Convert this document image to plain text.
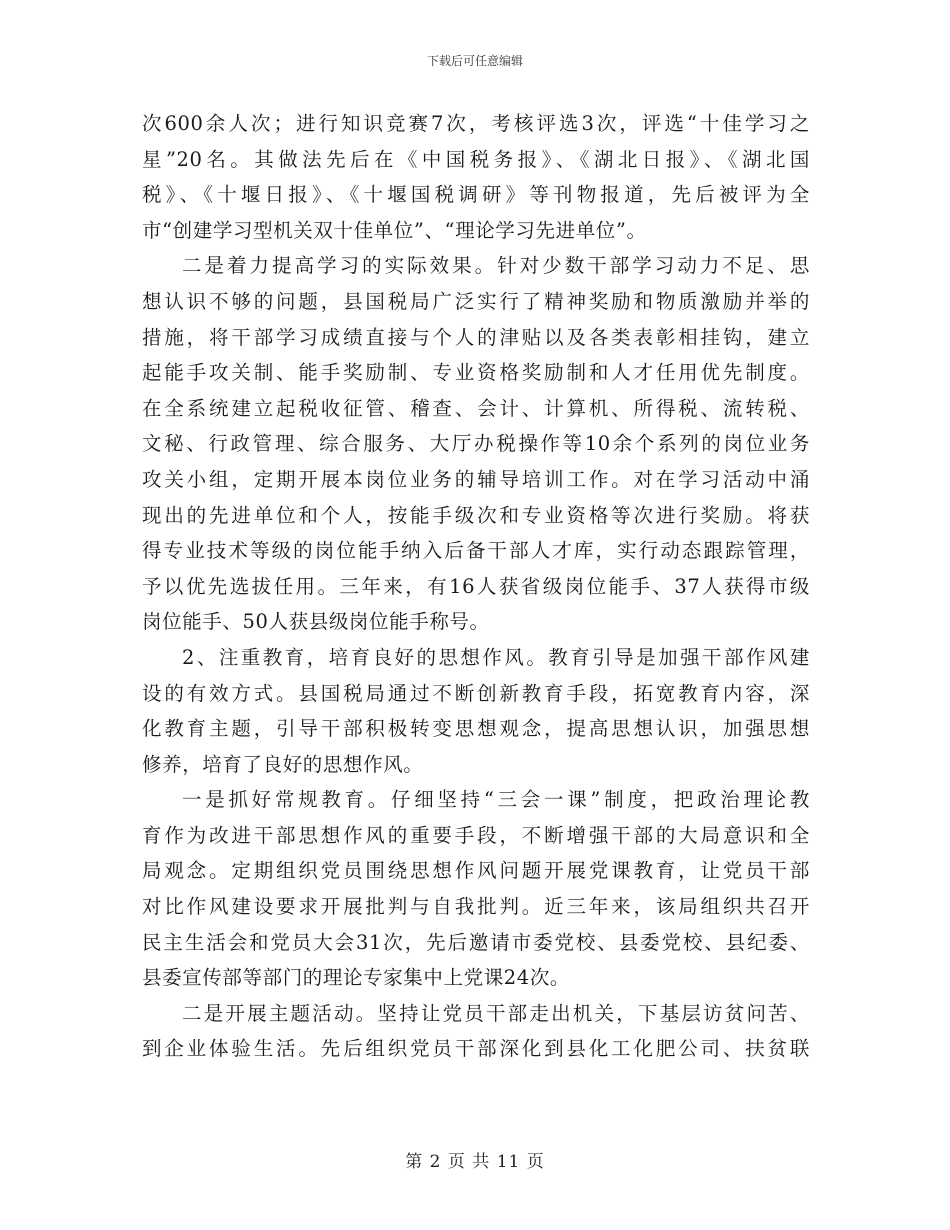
下载后可任意编辑
次600余人次；进行知识竞赛7次，考核评选3次，评选“十佳学习之
星”20名。其做法先后在《中国税务报》、《湖北日报》、《湖北国
税》、《十堰日报》、《十堰国税调研》等刊物报道，先后被评为全
市“创建学习型机关双十佳单位”、“理论学习先进单位”。
二是着力提高学习的实际效果。针对少数干部学习动力不足、思
想认识不够的问题，县国税局广泛实行了精神奖励和物质激励并举的
措施，将干部学习成绩直接与个人的津贴以及各类表彰相挂钩，建立
起能手攻关制、能手奖励制、专业资格奖励制和人才任用优先制度。
在全系统建立起税收征管、稽查、会计、计算机、所得税、流转税、
文秘、行政管理、综合服务、大厅办税操作等10余个系列的岗位业务
攻关小组，定期开展本岗位业务的辅导培训工作。对在学习活动中涌
现出的先进单位和个人，按能手级次和专业资格等次进行奖励。将获
得专业技术等级的岗位能手纳入后备干部人才库，实行动态跟踪管理，
予以优先选拔任用。三年来，有16人获省级岗位能手、37人获得市级
岗位能手、50人获县级岗位能手称号。
2、注重教育，培育良好的思想作风。教育引导是加强干部作风建
设的有效方式。县国税局通过不断创新教育手段，拓宽教育内容，深
化教育主题，引导干部积极转变思想观念，提高思想认识，加强思想
修养，培育了良好的思想作风。
一是抓好常规教育。仔细坚持“三会一课”制度，把政治理论教
育作为改进干部思想作风的重要手段，不断增强干部的大局意识和全
局观念。定期组织党员围绕思想作风问题开展党课教育，让党员干部
对比作风建设要求开展批判与自我批判。近三年来，该局组织共召开
民主生活会和党员大会31次，先后邀请市委党校、县委党校、县纪委、
县委宣传部等部门的理论专家集中上党课24次。
二是开展主题活动。坚持让党员干部走出机关，下基层访贫问苦、
到企业体验生活。先后组织党员干部深化到县化工化肥公司、扶贫联
第 2 页 共 11 页
